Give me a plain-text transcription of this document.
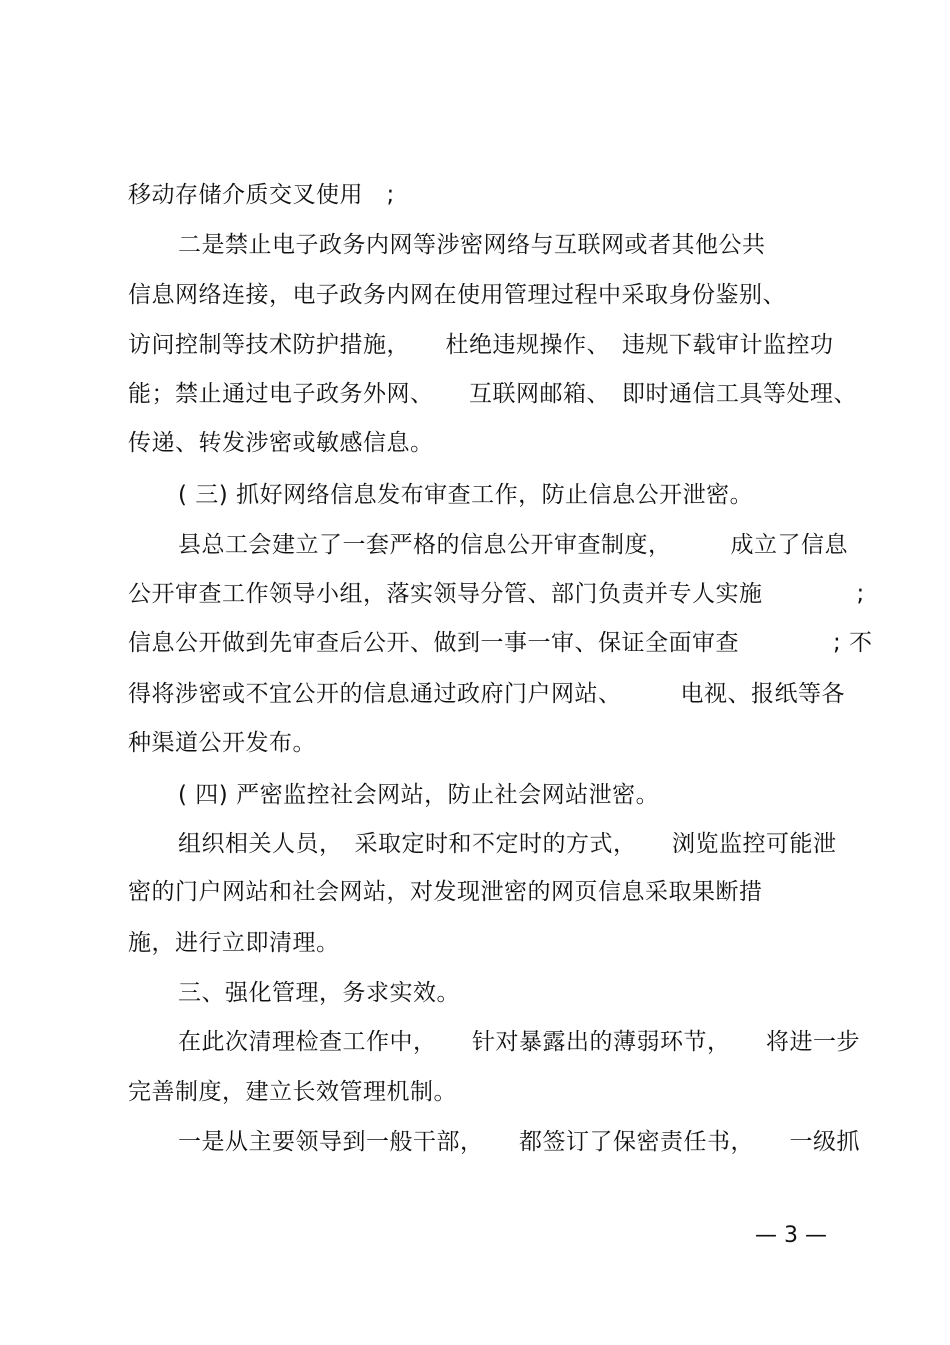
移动存储介质交叉使用　;
二是禁止电子政务内网等涉密网络与互联网或者其他公共
信息网络连接，电子政务内网在使用管理过程中采取身份鉴别、
访问控制等技术防护措施，　　杜绝违规操作、　违规下载审计监控功
能；禁止通过电子政务外网、　　互联网邮箱、　即时通信工具等处理、
传递、转发涉密或敏感信息。
( 三) 抓好网络信息发布审查工作，防止信息公开泄密。
县总工会建立了一套严格的信息公开审查制度，　　　成立了信息
公开审查工作领导小组，落实领导分管、部门负责并专人实施　　　　;
信息公开做到先审查后公开、做到一事一审、保证全面审查　　　　; 不
得将涉密或不宜公开的信息通过政府门户网站、　　　电视、报纸等各
种渠道公开发布。
( 四) 严密监控社会网站，防止社会网站泄密。
组织相关人员，　采取定时和不定时的方式，　　浏览监控可能泄
密的门户网站和社会网站，对发现泄密的网页信息采取果断措
施，进行立即清理。
三、强化管理，务求实效。
在此次清理检查工作中，　　针对暴露出的薄弱环节，　　将进一步
完善制度，建立长效管理机制。
一是从主要领导到一般干部，　　都签订了保密责任书，　　一级抓
— 3 —
